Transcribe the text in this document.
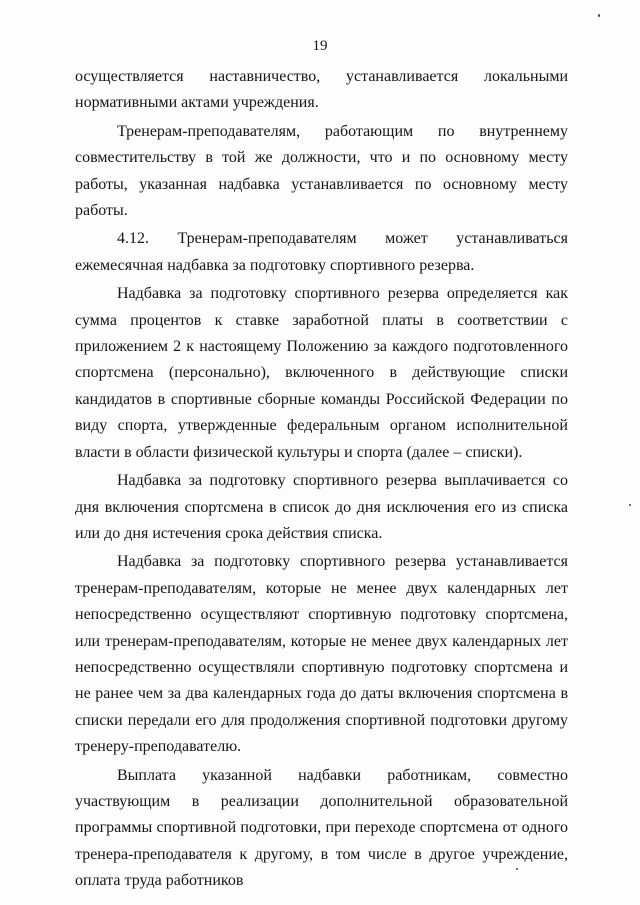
19

осуществляется наставничество, устанавливается локальными нормативными актами учреждения.

Тренерам-преподавателям, работающим по внутреннему совместительству в той же должности, что и по основному месту работы, указанная надбавка устанавливается по основному месту работы.

4.12. Тренерам-преподавателям может устанавливаться ежемесячная надбавка за подготовку спортивного резерва.

Надбавка за подготовку спортивного резерва определяется как сумма процентов к ставке заработной платы в соответствии с приложением 2 к настоящему Положению за каждого подготовленного спортсмена (персонально), включенного в действующие списки кандидатов в спортивные сборные команды Российской Федерации по виду спорта, утвержденные федеральным органом исполнительной власти в области физической культуры и спорта (далее – списки).

Надбавка за подготовку спортивного резерва выплачивается со дня включения спортсмена в список до дня исключения его из списка или до дня истечения срока действия списка.

Надбавка за подготовку спортивного резерва устанавливается тренерам-преподавателям, которые не менее двух календарных лет непосредственно осуществляют спортивную подготовку спортсмена, или тренерам-преподавателям, которые не менее двух календарных лет непосредственно осуществляли спортивную подготовку спортсмена и не ранее чем за два календарных года до даты включения спортсмена в списки передали его для продолжения спортивной подготовки другому тренеру-преподавателю.

Выплата указанной надбавки работникам, совместно участвующим в реализации дополнительной образовательной программы спортивной подготовки, при переходе спортсмена от одного тренера-преподавателя к другому, в том числе в другое учреждение, оплата труда работников
